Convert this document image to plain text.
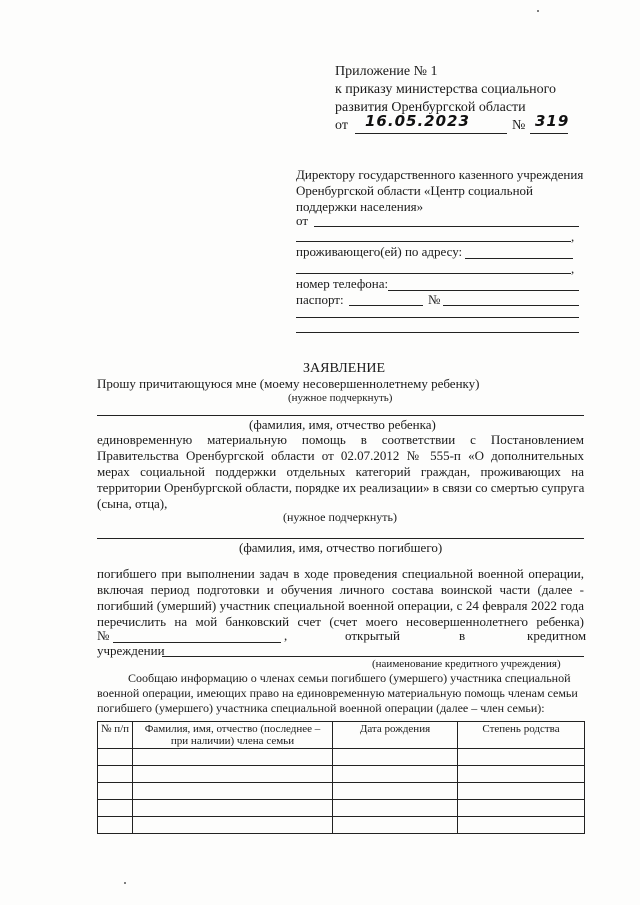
Приложение № 1
к приказу министерства социального
развития Оренбургской области
от 16.05.2023	№ 319
Директору государственного казенного учреждения
Оренбургской области «Центр социальной
поддержки населения»
от
,
проживающего(ей) по адресу:
,
номер телефона:
паспорт:	№
ЗАЯВЛЕНИЕ
Прошу причитающуюся мне (моему несовершеннолетнему ребенку)
(нужное подчеркнуть)
(фамилия, имя, отчество ребенка)
единовременную материальную помощь в соответствии с Постановлением
Правительства Оренбургской области от 02.07.2012 № 555-п «О дополнительных
мерах социальной поддержки отдельных категорий граждан, проживающих на
территории Оренбургской области, порядке их реализации» в связи со смертью супруга
(сына, отца),
(нужное подчеркнуть)
(фамилия, имя, отчество погибшего)
погибшего при выполнении задач в ходе проведения специальной военной операции,
включая период подготовки и обучения личного состава воинской части (далее -
погибший (умерший) участник специальной военной операции, с 24 февраля 2022 года
перечислить на мой банковский счет (счет моего несовершеннолетнего ребенка)
№	,	открытый	в	кредитном
учреждении
(наименование кредитного учреждения)
Сообщаю информацию о членах семьи погибшего (умершего) участника специальной
военной операции, имеющих право на единовременную материальную помощь членам семьи
погибшего (умершего) участника специальной военной операции (далее – член семьи):
№ п/п	Фамилия, имя, отчество (последнее – при наличии) члена семьи	Дата рождения	Степень родства
